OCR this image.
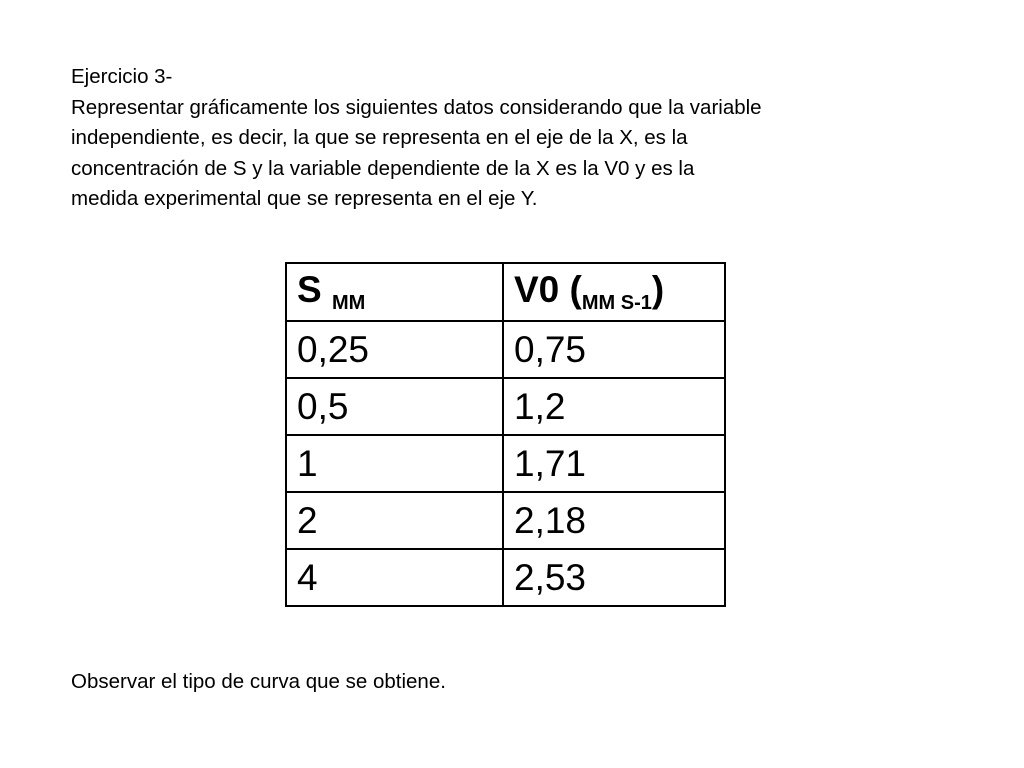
Ejercicio 3-

Representar gráficamente los siguientes datos considerando que la variable

independiente, es decir, la que se representa en el eje de la X, es la

concentración de S y la variable dependiente de la X es la V0 y es la

medida experimental que se representa en el eje Y.

S $_{MM}$	V0 $(_{MM S-1})$
0,25	0,75
0,5	1,2
1	1,71
2	2,18
4	2,53

Observar el tipo de curva que se obtiene.
